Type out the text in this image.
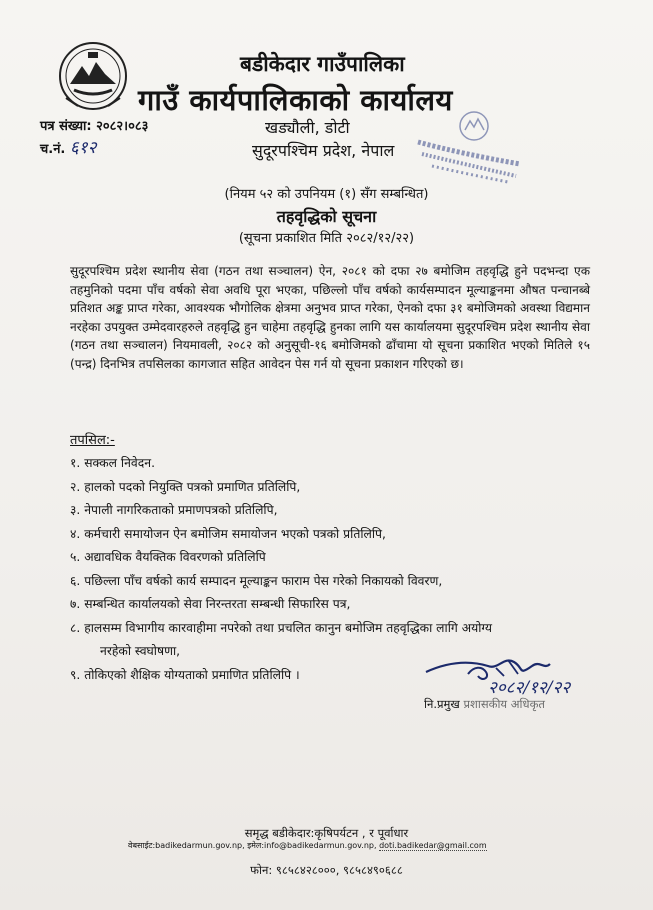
बडीकेदार गाउँपालिका
गाउँ कार्यपालिकाको कार्यालय
खड्यौली, डोटी
सुदूरपश्चिम प्रदेश, नेपाल
पत्र संख्या: २०८२।०८३
च.नं. ६१२
(नियम ५२ को उपनियम (१) सँग सम्बन्धित)
तहवृद्धिको सूचना
(सूचना प्रकाशित मिति २०८२/१२/२२)

सुदूरपश्चिम प्रदेश स्थानीय सेवा (गठन तथा सञ्चालन) ऐन, २०८१ को दफा २७ बमोजिम तहवृद्धि हुने पदभन्दा एक तहमुनिको पदमा पाँच वर्षको सेवा अवधि पूरा भएका, पछिल्लो पाँच वर्षको कार्यसम्पादन मूल्याङ्कनमा औषत पन्चानब्बे प्रतिशत अङ्क प्राप्त गरेका, आवश्यक भौगोलिक क्षेत्रमा अनुभव प्राप्त गरेका, ऐनको दफा ३१ बमोजिमको अवस्था विद्यमान नरहेका उपयुक्त उम्मेदवारहरुले तहवृद्धि हुन चाहेमा तहवृद्धि हुनका लागि यस कार्यालयमा सुदूरपश्चिम प्रदेश स्थानीय सेवा (गठन तथा सञ्चालन) नियमावली, २०८२ को अनुसूची-१६ बमोजिमको ढाँचामा यो सूचना प्रकाशित भएको मितिले १५ (पन्द्र) दिनभित्र तपसिलका कागजात सहित आवेदन पेस गर्न यो सूचना प्रकाशन गरिएको छ।

तपसिल:-
१. सक्कल निवेदन.
२. हालको पदको नियुक्ति पत्रको प्रमाणित प्रतिलिपि,
३. नेपाली नागरिकताको प्रमाणपत्रको प्रतिलिपि,
४. कर्मचारी समायोजन ऐन बमोजिम समायोजन भएको पत्रको प्रतिलिपि,
५. अद्यावधिक वैयक्तिक विवरणको प्रतिलिपि
६. पछिल्ला पाँच वर्षको कार्य सम्पादन मूल्याङ्कन फाराम पेस गरेको निकायको विवरण,
७. सम्बन्धित कार्यालयको सेवा निरन्तरता सम्बन्धी सिफारिस पत्र,
८. हालसम्म विभागीय कारवाहीमा नपरेको तथा प्रचलित कानुन बमोजिम तहवृद्धिका लागि अयोग्य
नरहेको स्वघोषणा,
९. तोकिएको शैक्षिक योग्यताको प्रमाणित प्रतिलिपि ।
२०८२/१२/२२
नि.प्रमुख प्रशासकीय अधिकृत
समृद्ध बडीकेदार:कृषिपर्यटन , र पूर्वाधार
वेबसाईट:badikedarmun.gov.np, इमेल:info@badikedarmun.gov.np, doti.badikedar@gmail.com
फोन: ९८५८४२८०००, ९८५८४९०६८८
